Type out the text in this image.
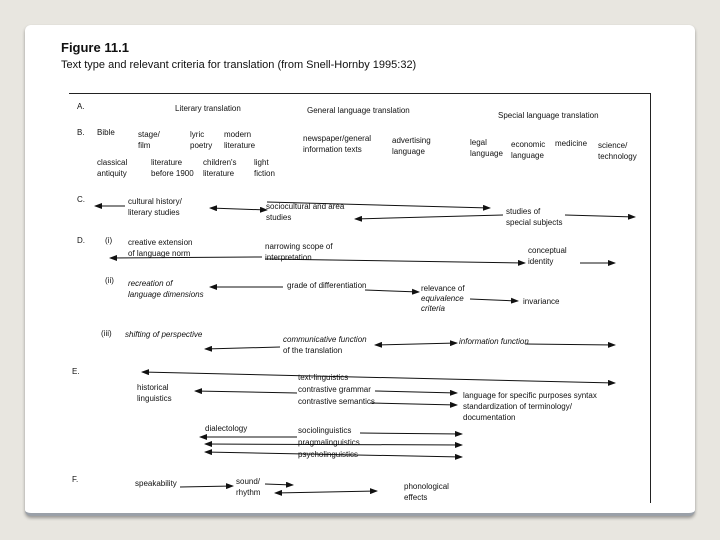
Figure 11.1
Text type and relevant criteria for translation (from Snell-Hornby 1995:32)
A.	Literary translation	General language translation
Special language translation
B. Bible	stage/
film
lyric
poetry
modern
literature
classical
antiquity
literature
before 1900
children's
literature
light
fiction
newspaper/general
information texts
advertising
language
legal
language
economic
language
medicine science/
technology
C.	cultural history/
literary studies
sociocultural and area
studies
studies of
special subjects
D.	(i) creative extension
of language norm
narrowing scope of
interpretation
conceptual
identity
(ii) recreation of
language dimensions
grade of differentiation	relevance of
equivalence
criteria
invariance
(iii) shifting of perspective
communicative function
of the translation
information function
E.
text-linguistics
contrastive grammar
contrastive semantics
historical
linguistics	language for specific purposes syntax
standardization of terminology/
documentation
dialectology	sociolinguistics
pragmalinguistics
psycholinguistics
F.	speakability	sound/
rhythm
phonological
effects
